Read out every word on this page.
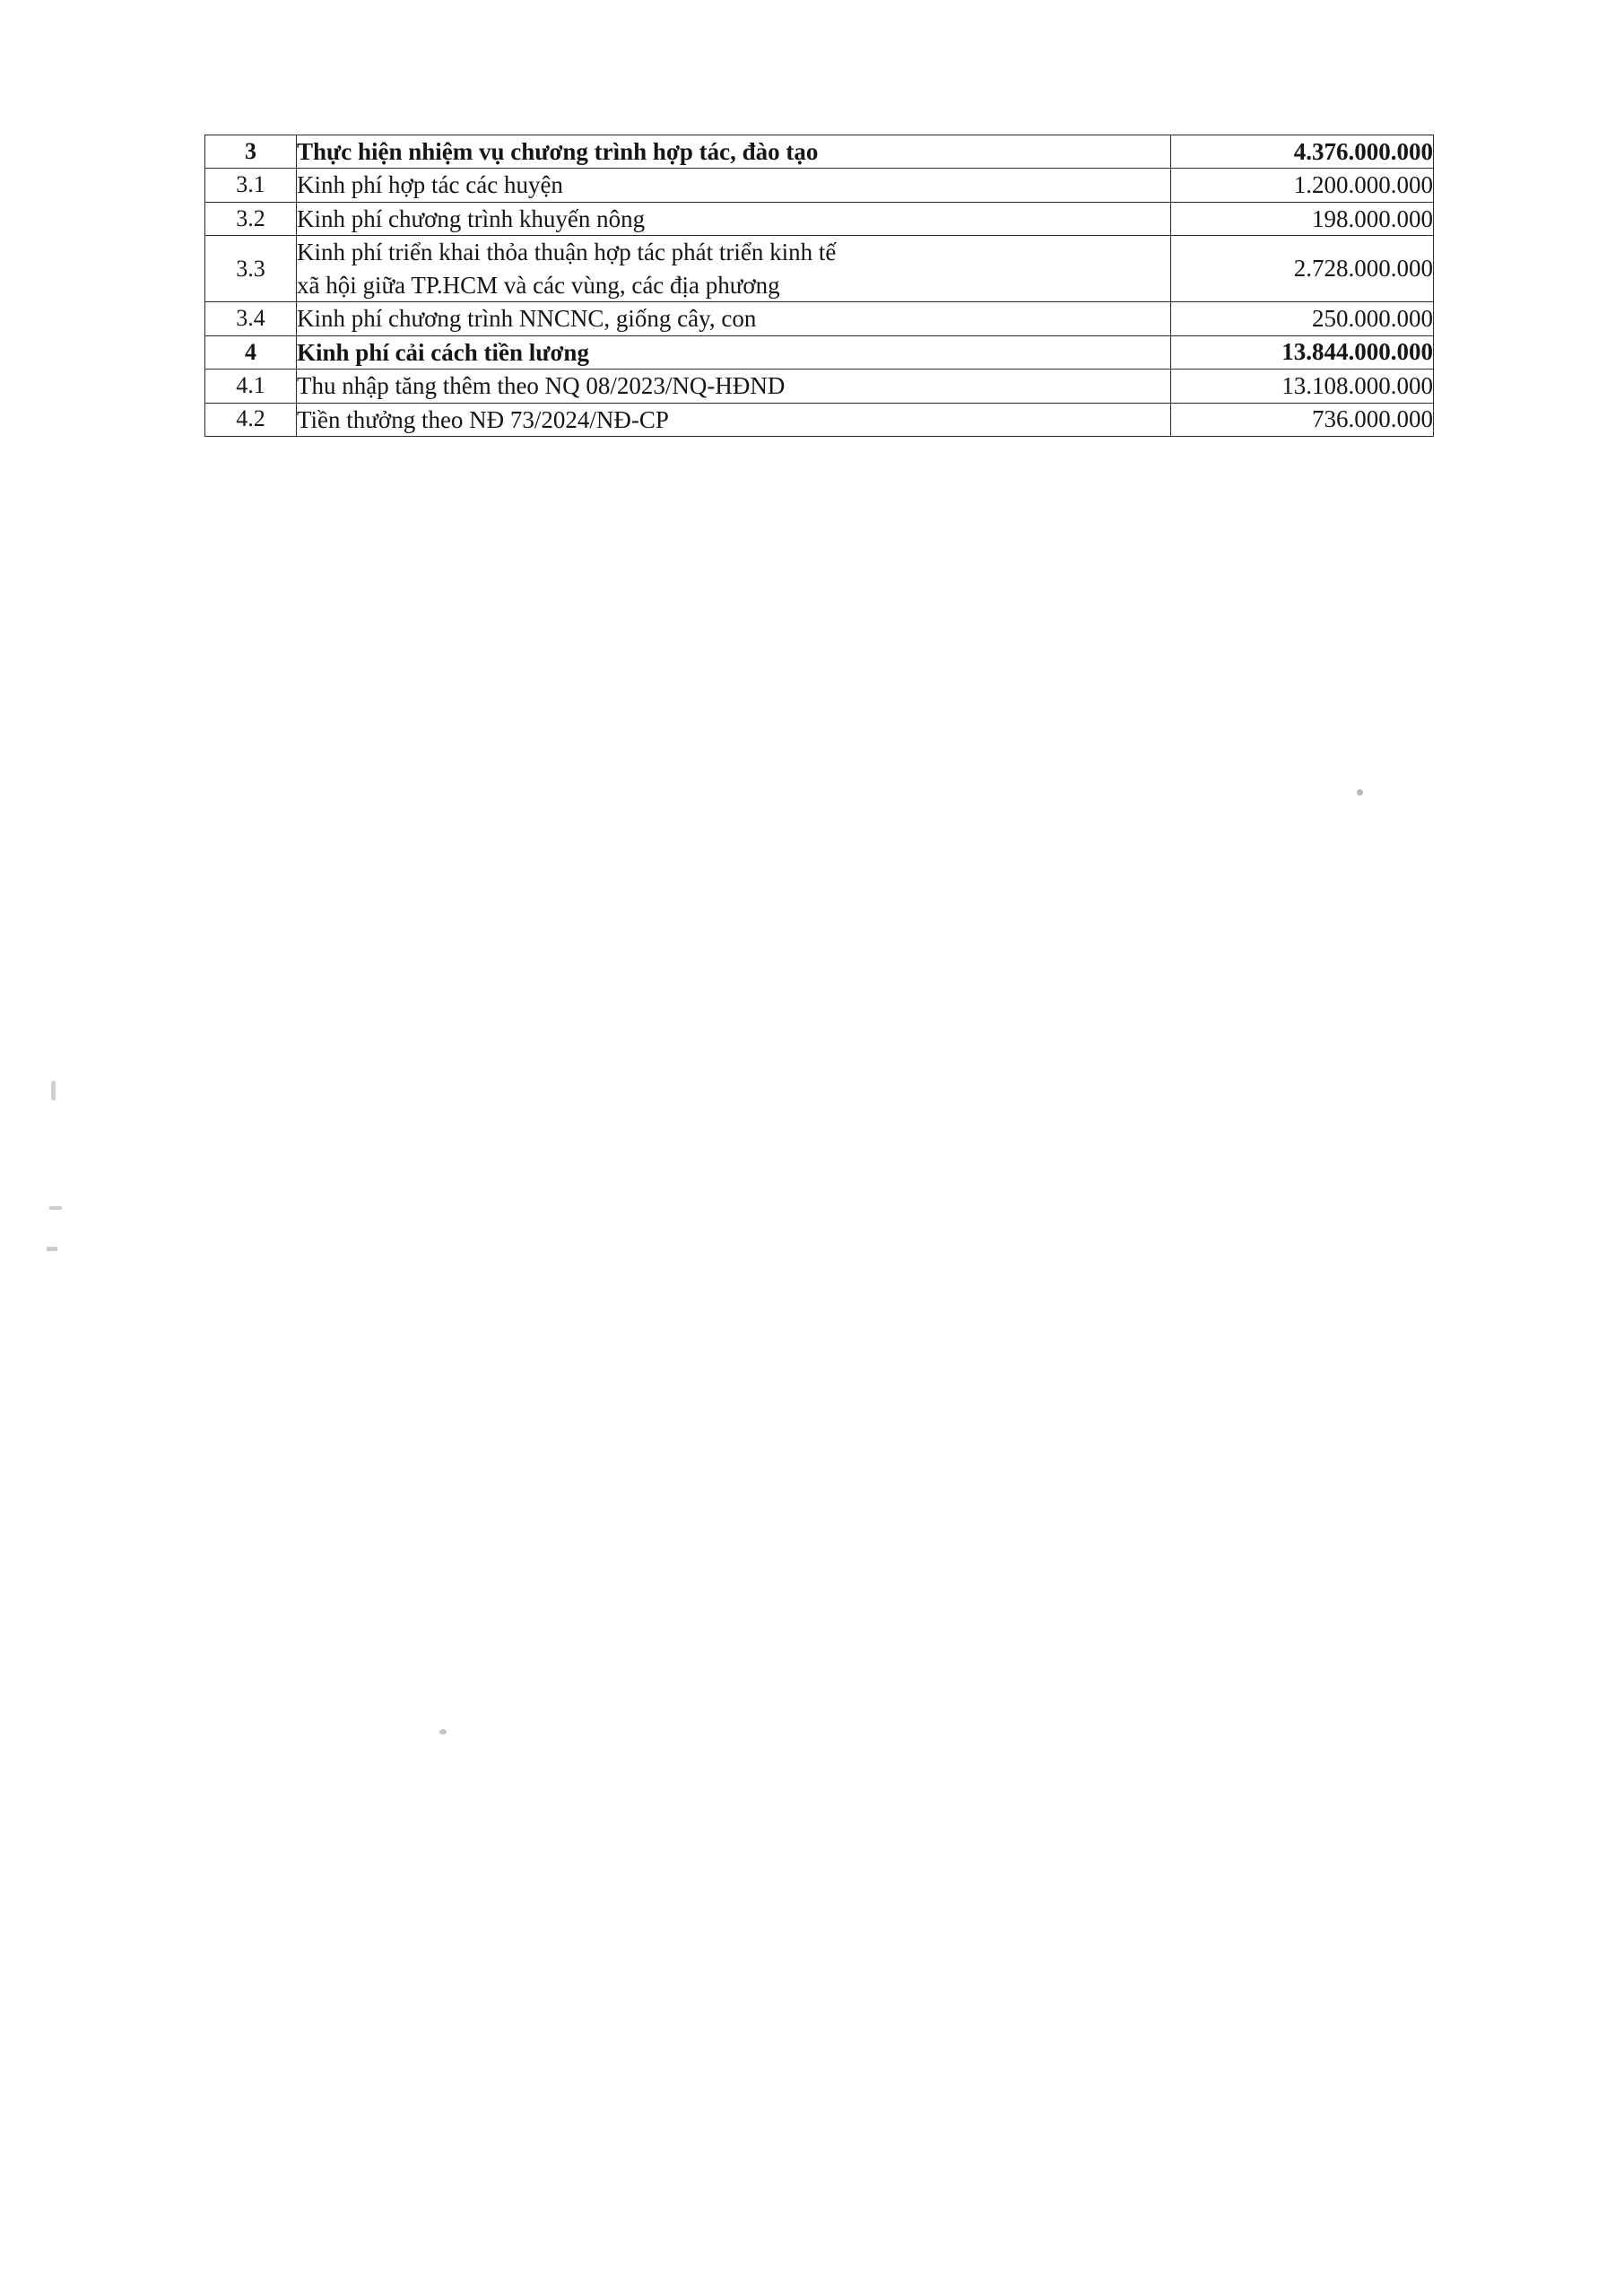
3	Thực hiện nhiệm vụ chương trình hợp tác, đào tạo	4.376.000.000
3.1	Kinh phí hợp tác các huyện	1.200.000.000
3.2	Kinh phí chương trình khuyến nông	198.000.000
3.3	Kinh phí triển khai thỏa thuận hợp tác phát triển kinh tế
xã hội giữa TP.HCM và các vùng, các địa phương	2.728.000.000
3.4	Kinh phí chương trình NNCNC, giống cây, con	250.000.000
4	Kinh phí cải cách tiền lương	13.844.000.000
4.1	Thu nhập tăng thêm theo NQ 08/2023/NQ-HĐND	13.108.000.000
4.2	Tiền thưởng theo NĐ 73/2024/NĐ-CP	736.000.000
